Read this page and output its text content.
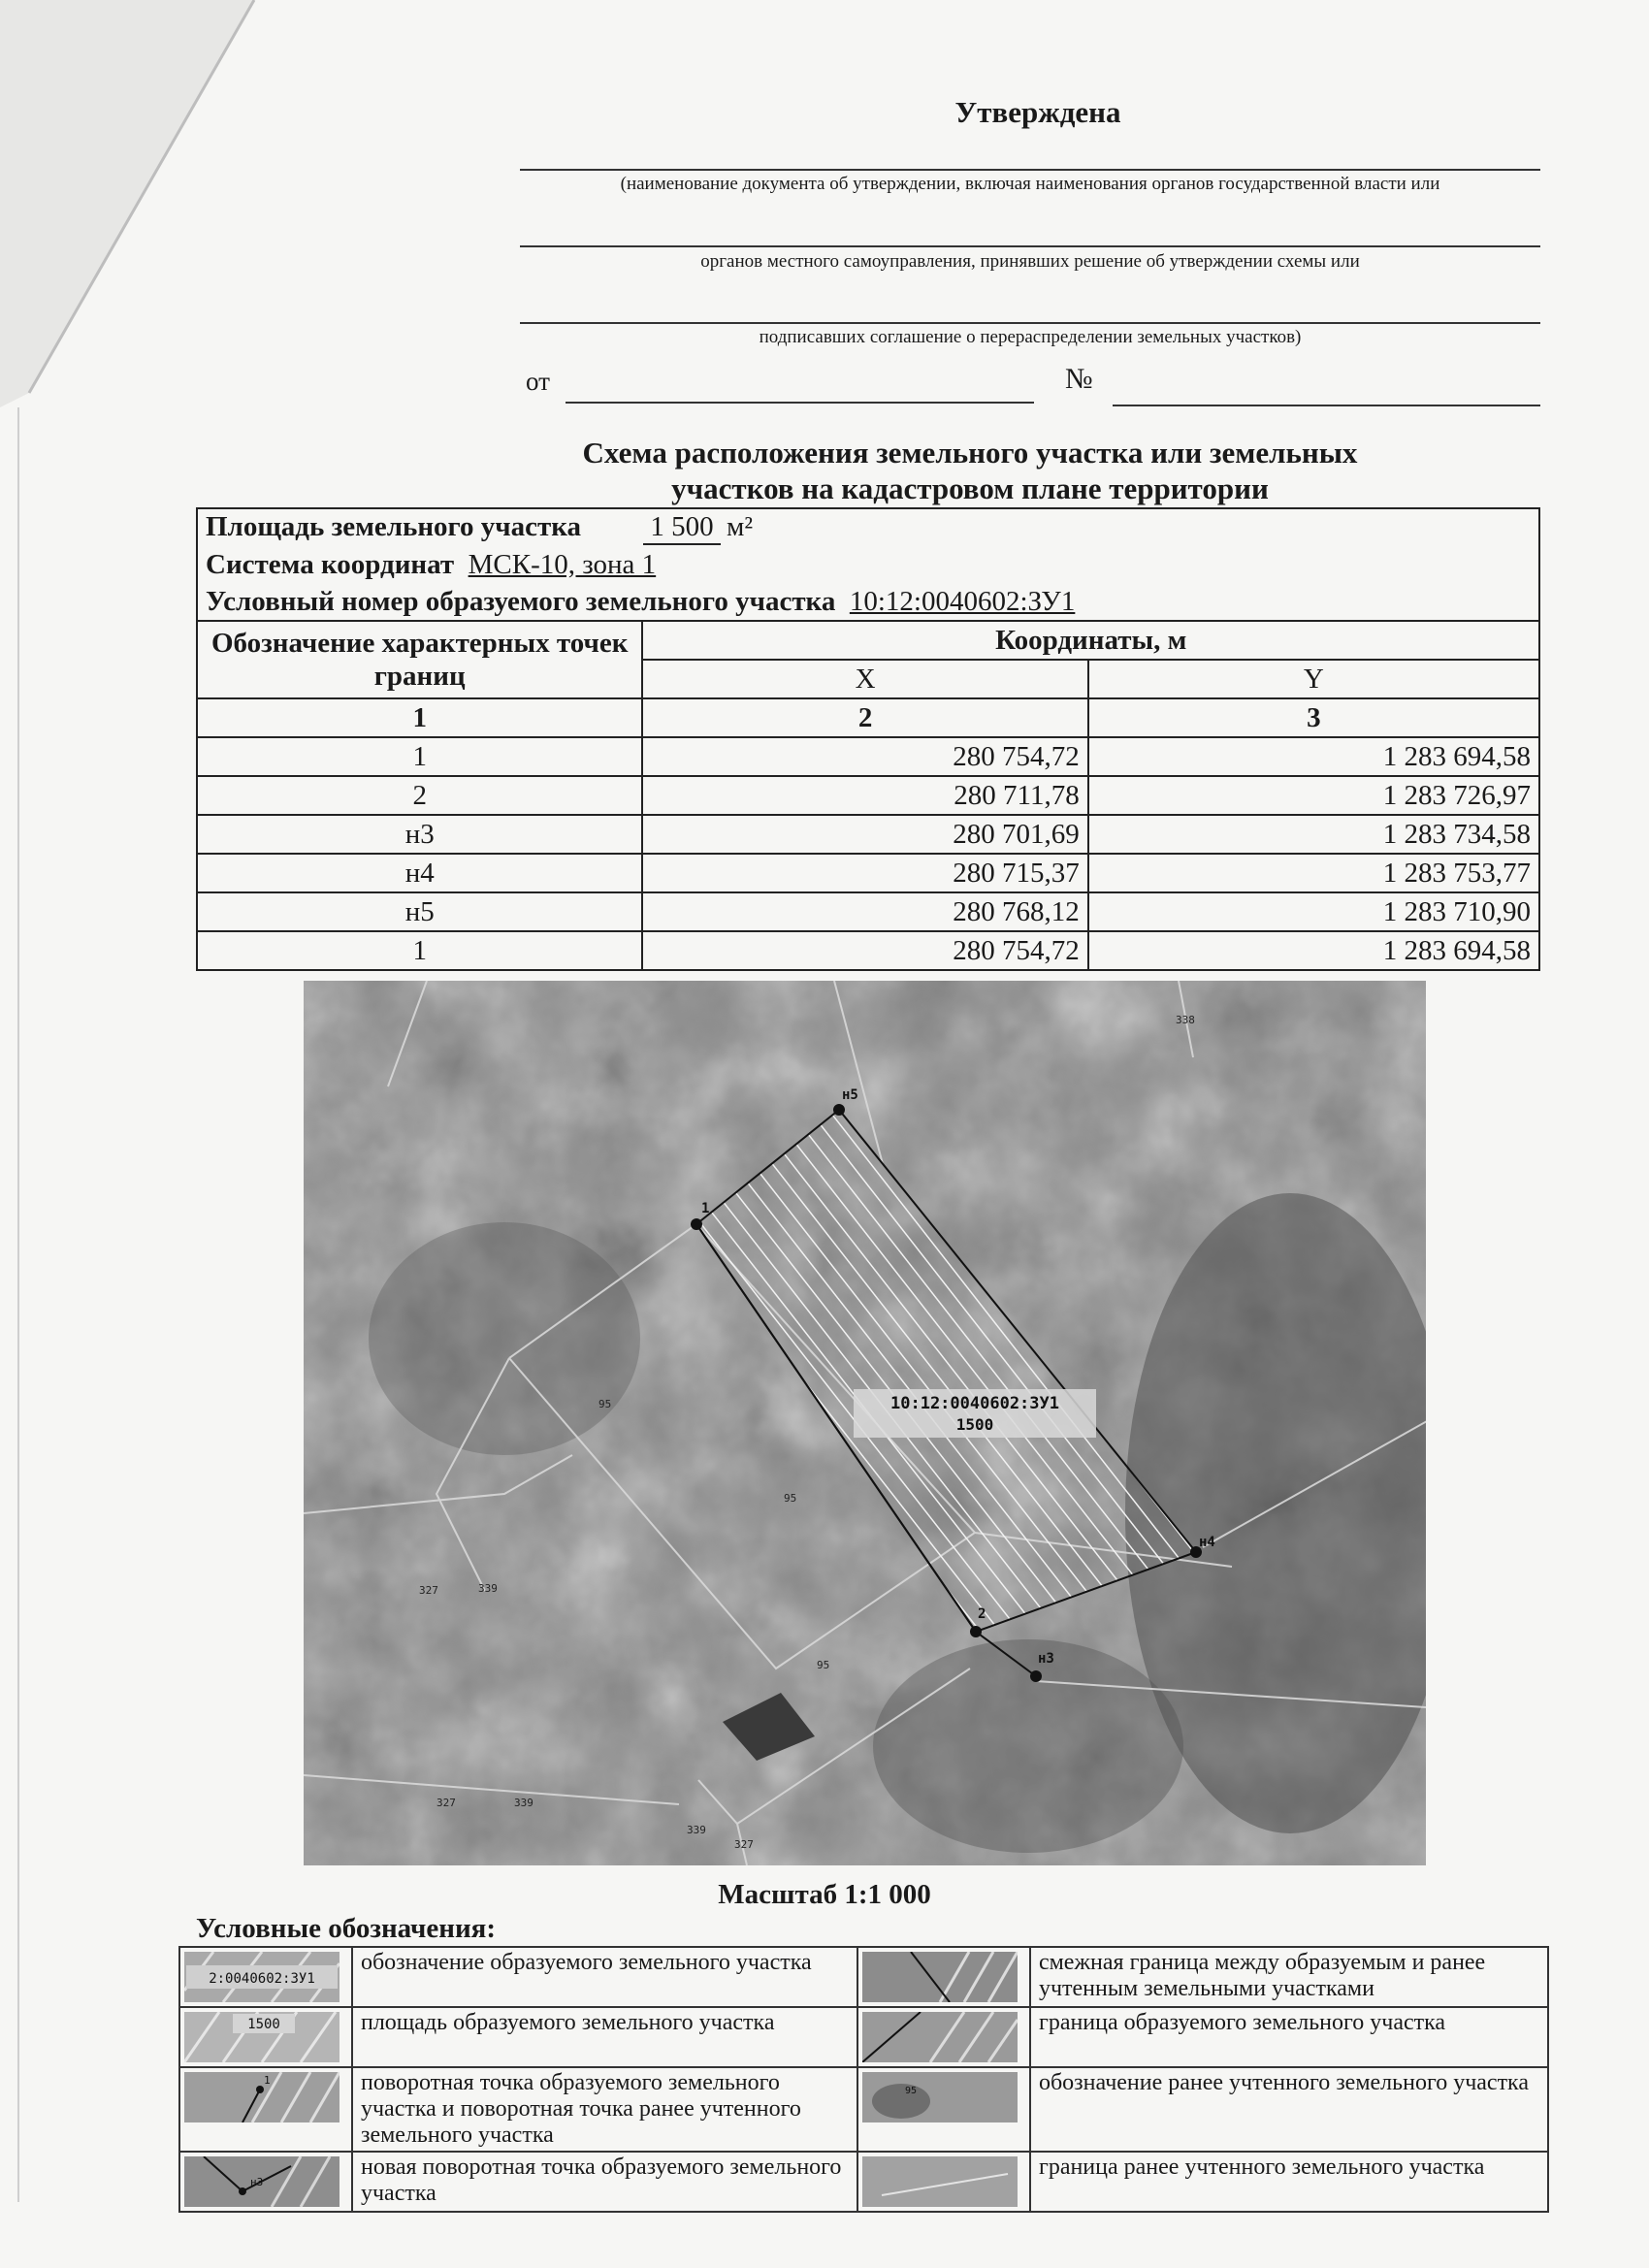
Утверждена
(наименование документа об утверждении, включая наименования органов государственной власти или
органов местного самоуправления, принявших решение об утверждении схемы или
подписавших соглашение о перераспределении земельных участков)
от	№
Схема расположения земельного участка или земельных
участков на кадастровом плане территории
Площадь земельного участка 1 500 м²		
Система координат МСК-10, зона 1		
Условный номер образуемого земельного участка 10:12:0040602:ЗУ1		
Обозначение характерных точек границ	Координаты, м	
	X	Y
1	2	3
1	280 754,72	1 283 694,58
2	280 711,78	1 283 726,97
н3	280 701,69	1 283 734,58
н4	280 715,37	1 283 753,77
н5	280 768,12	1 283 710,90
1	280 754,72	1 283 694,58
1
2
н3
н4
н5
10:12:0040602:ЗУ1
1500
95
95
95
327	339
327	339
339
327
338
Масштаб 1:1 000
Условные обозначения:
2:0040602:ЗУ1	обозначение образуемого земельного участка		смежная граница между образуемым и ранее учтенным земельными участками

1500	площадь образуемого земельного участка		граница образуемого земельного участка

1	поворотная точка образуемого земельного участка и поворотная точка ранее учтенного земельного участка	95	обозначение ранее учтенного земельного участка

н3	новая поворотная точка образуемого земельного участка		граница ранее учтенного земельного участка
